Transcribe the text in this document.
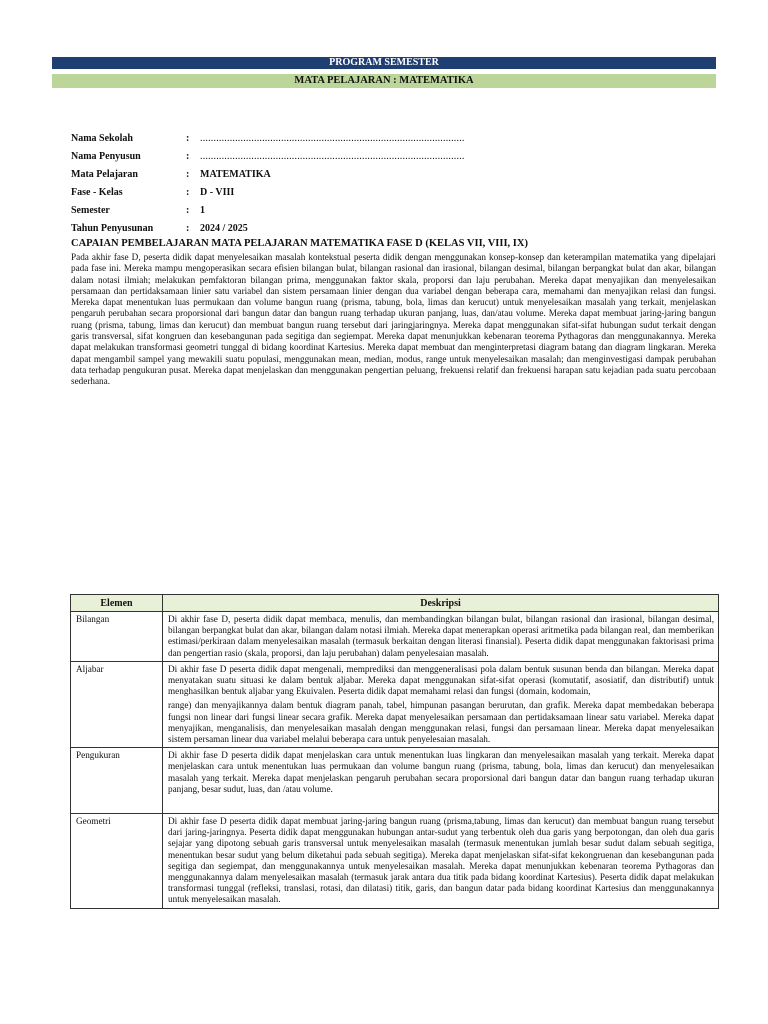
PROGRAM SEMESTER
MATA PELAJARAN : MATEMATIKA
Nama Sekolah	:	..................................................................................................
Nama Penyusun	:	..................................................................................................
Mata Pelajaran	:	MATEMATIKA
Fase - Kelas	:	D - VIII
Semester	:	1
Tahun Penyusunan	:	2024 / 2025
CAPAIAN PEMBELAJARAN MATA PELAJARAN MATEMATIKA FASE D (KELAS VII, VIII, IX)
Pada akhir fase D, peserta didik dapat menyelesaikan masalah kontekstual peserta didik dengan menggunakan konsep-konsep dan keterampilan matematika yang dipelajari pada fase ini. Mereka mampu mengoperasikan secara efisien bilangan bulat, bilangan rasional dan irasional, bilangan desimal, bilangan berpangkat bulat dan akar, bilangan dalam notasi ilmiah; melakukan pemfaktoran bilangan prima, menggunakan faktor skala, proporsi dan laju perubahan. Mereka dapat menyajikan dan menyelesaikan persamaan dan pertidaksamaan linier satu variabel dan sistem persamaan linier dengan dua variabel dengan beberapa cara, memahami dan menyajikan relasi dan fungsi. Mereka dapat menentukan luas permukaan dan volume bangun ruang (prisma, tabung, bola, limas dan kerucut) untuk menyelesaikan masalah yang terkait, menjelaskan pengaruh perubahan secara proporsional dari bangun datar dan bangun ruang terhadap ukuran panjang, luas, dan/atau volume. Mereka dapat membuat jaring-jaring bangun ruang (prisma, tabung, limas dan kerucut) dan membuat bangun ruang tersebut dari jaringjaringnya. Mereka dapat menggunakan sifat-sifat hubungan sudut terkait dengan garis transversal, sifat kongruen dan kesebangunan pada segitiga dan segiempat. Mereka dapat menunjukkan kebenaran teorema Pythagoras dan menggunakannya. Mereka dapat melakukan transformasi geometri tunggal di bidang koordinat Kartesius. Mereka dapat membuat dan menginterpretasi diagram batang dan diagram lingkaran. Mereka dapat mengambil sampel yang mewakili suatu populasi, menggunakan mean, median, modus, range untuk menyelesaikan masalah; dan menginvestigasi dampak perubahan data terhadap pengukuran pusat. Mereka dapat menjelaskan dan menggunakan pengertian peluang, frekuensi relatif dan frekuensi harapan satu kejadian pada suatu percobaan sederhana.
Elemen	Deskripsi
Bilangan	Di akhir fase D, peserta didik dapat membaca, menulis, dan membandingkan bilangan bulat, bilangan rasional dan irasional, bilangan desimal, bilangan berpangkat bulat dan akar, bilangan dalam notasi ilmiah. Mereka dapat menerapkan operasi aritmetika pada bilangan real, dan memberikan estimasi/perkiraan dalam menyelesaikan masalah (termasuk berkaitan dengan literasi finansial). Peserta didik dapat menggunakan faktorisasi prima dan pengertian rasio (skala, proporsi, dan laju perubahan) dalam penyelesaian masalah.
Aljabar	Di akhir fase D peserta didik dapat mengenali, memprediksi dan menggeneralisasi pola dalam bentuk susunan benda dan bilangan. Mereka dapat menyatakan suatu situasi ke dalam bentuk aljabar. Mereka dapat menggunakan sifat-sifat operasi (komutatif, asosiatif, dan distributif) untuk menghasilkan bentuk aljabar yang Ekuivalen. Peserta didik dapat memahami relasi dan fungsi (domain, kodomain,
range) dan menyajikannya dalam bentuk diagram panah, tabel, himpunan pasangan berurutan, dan grafik. Mereka dapat membedakan beberapa fungsi non linear dari fungsi linear secara grafik. Mereka dapat menyelesaikan persamaan dan pertidaksamaan linear satu variabel. Mereka dapat menyajikan, menganalisis, dan menyelesaikan masalah dengan menggunakan relasi, fungsi dan persamaan linear. Mereka dapat menyelesaikan sistem persaman linear dua variabel melalui beberapa cara untuk penyelesaian masalah.

Pengukuran	Di akhir fase D peserta didik dapat menjelaskan cara untuk menentukan luas lingkaran dan menyelesaikan masalah yang terkait. Mereka dapat menjelaskan cara untuk menentukan luas permukaan dan volume bangun ruang (prisma, tabung, bola, limas dan kerucut) dan menyelesaikan masalah yang terkait. Mereka dapat menjelaskan pengaruh perubahan secara proporsional dari bangun datar dan bangun ruang terhadap ukuran panjang, besar sudut, luas, dan /atau volume.
Geometri	Di akhir fase D peserta didik dapat membuat jaring-jaring bangun ruang (prisma,tabung, limas dan kerucut) dan membuat bangun ruang tersebut dari jaring-jaringnya. Peserta didik dapat menggunakan hubungan antar-sudut yang terbentuk oleh dua garis yang berpotongan, dan oleh dua garis sejajar yang dipotong sebuah garis transversal untuk menyelesaikan masalah (termasuk menentukan jumlah besar sudut dalam sebuah segitiga, menentukan besar sudut yang belum diketahui pada sebuah segitiga). Mereka dapat menjelaskan sifat-sifat kekongruenan dan kesebangunan pada segitiga dan segiempat, dan menggunakannya untuk menyelesaikan masalah. Mereka dapat menunjukkan kebenaran teorema Pythagoras dan menggunakannya dalam menyelesaikan masalah (termasuk jarak antara dua titik pada bidang koordinat Kartesius). Peserta didik dapat melakukan transformasi tunggal (refleksi, translasi, rotasi, dan dilatasi) titik, garis, dan bangun datar pada bidang koordinat Kartesius dan menggunakannya untuk menyelesaikan masalah.
